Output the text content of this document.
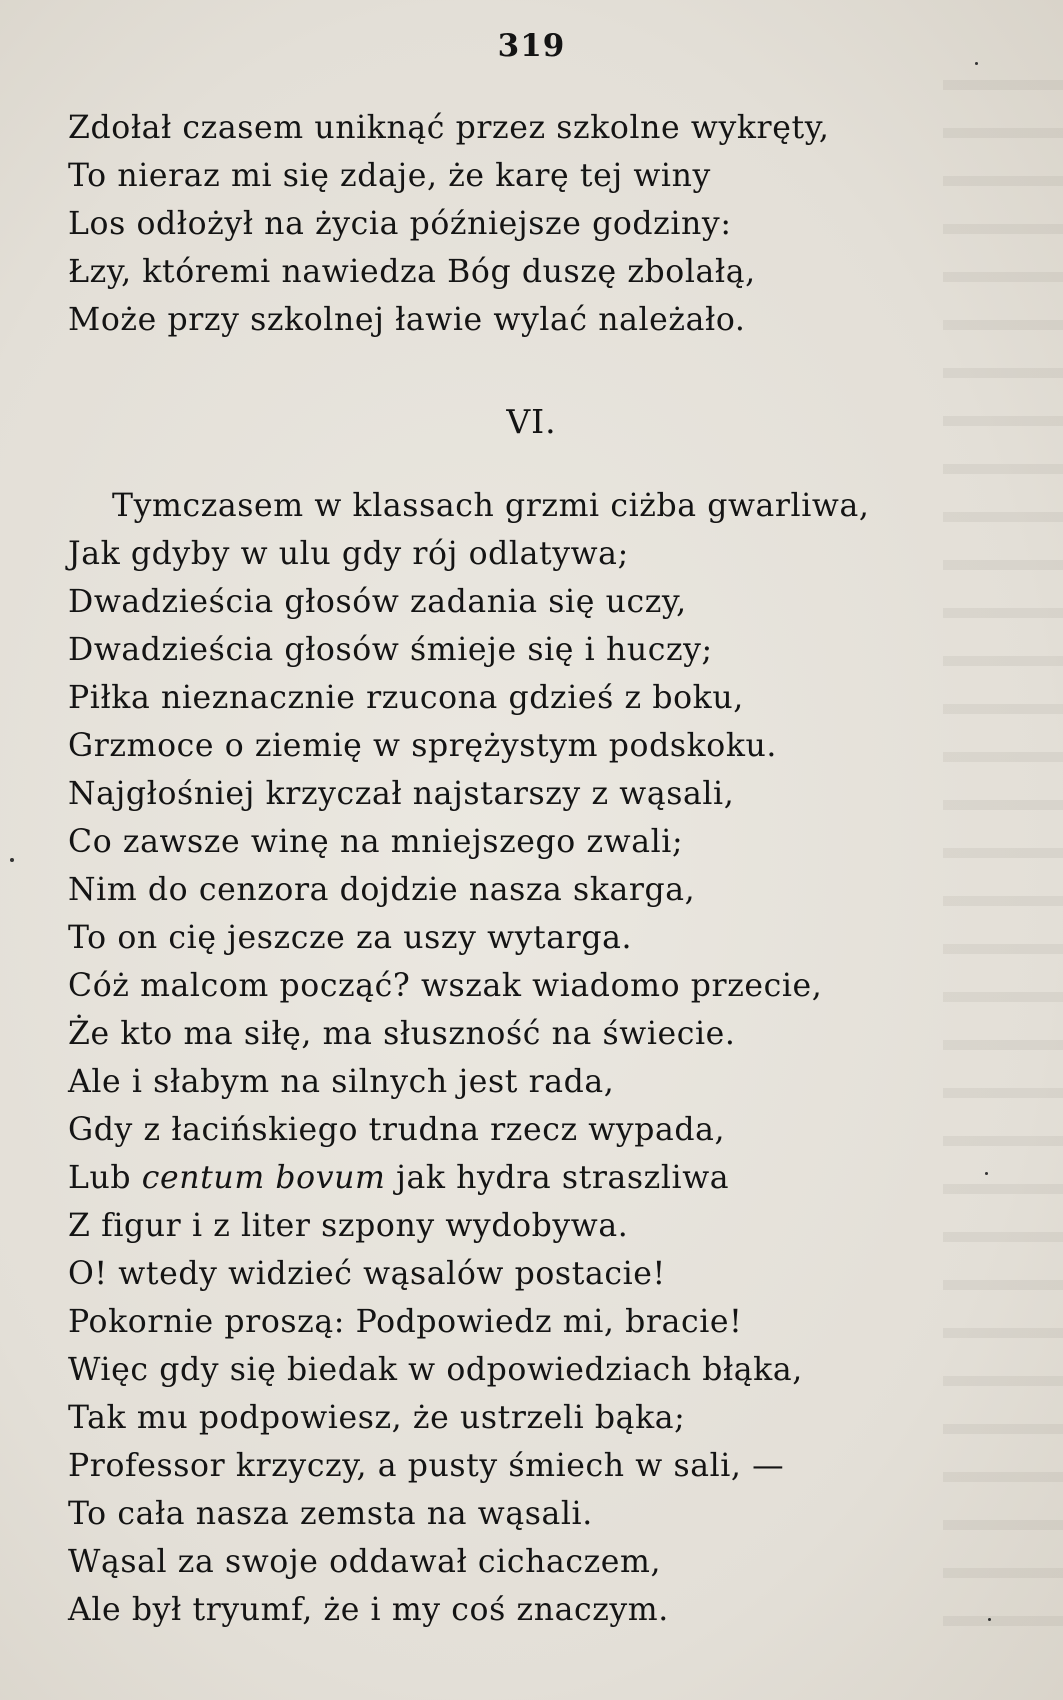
319
Zdołał czasem uniknąć przez szkolne wykręty,
To nieraz mi się zdaje, że karę tej winy
Los odłożył na życia późniejsze godziny:
Łzy, któremi nawiedza Bóg duszę zbolałą,
Może przy szkolnej ławie wylać należało.
VI.
Tymczasem w klassach grzmi ciżba gwarliwa,
Jak gdyby w ulu gdy rój odlatywa;
Dwadzieścia głosów zadania się uczy,
Dwadzieścia głosów śmieje się i huczy;
Piłka nieznacznie rzucona gdzieś z boku,
Grzmoce o ziemię w sprężystym podskoku.
Najgłośniej krzyczał najstarszy z wąsali,
Co zawsze winę na mniejszego zwali;
Nim do cenzora dojdzie nasza skarga,
To on cię jeszcze za uszy wytarga.
Cóż malcom począć? wszak wiadomo przecie,
Że kto ma siłę, ma słuszność na świecie.
Ale i słabym na silnych jest rada,
Gdy z łacińskiego trudna rzecz wypada,
Lub centum bovum jak hydra straszliwa
Z figur i z liter szpony wydobywa.
O! wtedy widzieć wąsalów postacie!
Pokornie proszą: Podpowiedz mi, bracie!
Więc gdy się biedak w odpowiedziach błąka,
Tak mu podpowiesz, że ustrzeli bąka;
Professor krzyczy, a pusty śmiech w sali, —
To cała nasza zemsta na wąsali.
Wąsal za swoje oddawał cichaczem,
Ale był tryumf, że i my coś znaczym.
